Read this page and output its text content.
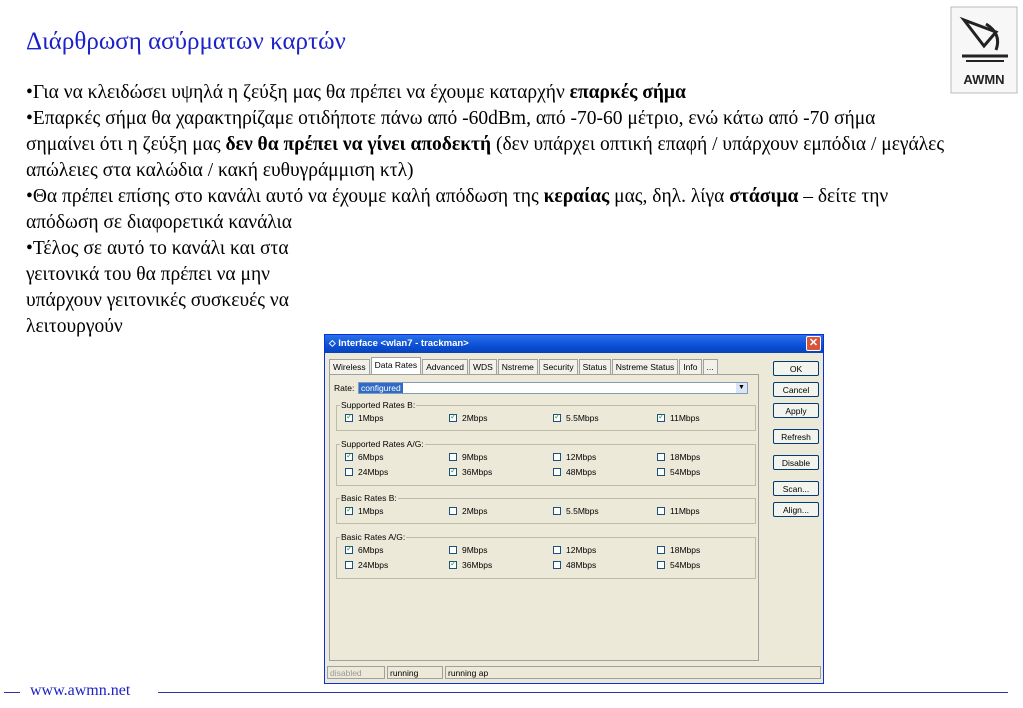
Διάρθρωση ασύρματων καρτών
AWMN

•Για να κλειδώσει υψηλά η ζεύξη μας θα πρέπει να έχουμε καταρχήν επαρκές σήμα

•Επαρκές σήμα θα χαρακτηρίζαμε οτιδήποτε πάνω από -60dBm, από -70-60 μέτριο, ενώ κάτω από -70 σήμα σημαίνει ότι η ζεύξη μας δεν θα πρέπει να γίνει αποδεκτή (δεν υπάρχει οπτική επαφή / υπάρχουν εμπόδια / μεγάλες απώλειες στα καλώδια / κακή ευθυγράμμιση κτλ)

•Θα πρέπει επίσης στο κανάλι αυτό να έχουμε καλή απόδωση της κεραίας μας, δηλ. λίγα στάσιμα – δείτε την απόδωση σε διαφορετικά κανάλια

•Τέλος σε αυτό το κανάλι και στα γειτονικά του θα πρέπει να μην υπάρχουν γειτονικές συσκευές να λειτουργούν

www.awmn.net
⬦ Interface <wlan7 - trackman>	✕
Wireless	Data Rates	Advanced	WDS	Nstreme	Security	Status	Nstreme Status	Info	...
Rate: configured	▼
Supported Rates B:
✓1Mbps ✓	2Mbps ✓	5.5Mbps ✓	11Mbps
Supported Rates A/G:
✓6Mbps	9Mbps	12Mbps	18Mbps
24Mbps ✓	36Mbps	48Mbps	54Mbps
Basic Rates B:
✓1Mbps	2Mbps	5.5Mbps	11Mbps
Basic Rates A/G:
✓6Mbps	9Mbps	12Mbps	18Mbps
24Mbps ✓	36Mbps	48Mbps	54Mbps
OK
Cancel
Apply
Refresh
Disable
Scan...
Align...
disabled	running	running ap
